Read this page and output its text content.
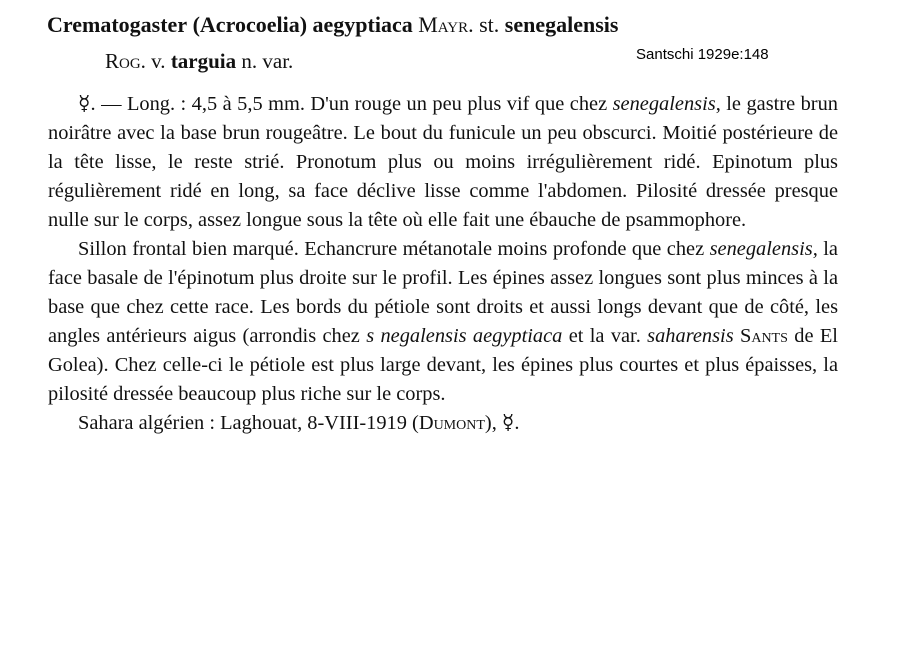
Crematogaster (Acrocoelia) aegyptiaca Mayr. st. senegalensis
Rog. v. targuia n. var.	Santschi 1929e:148

☿. — Long. : 4,5 à 5,5 mm. D'un rouge un peu plus vif que chez senegalensis, le gastre brun noirâtre avec la base brun rougeâtre. Le bout du funicule un peu obscurci. Moitié postérieure de la tête lisse, le reste strié. Pronotum plus ou moins irrégulièrement ridé. Epinotum plus régulièrement ridé en long, sa face déclive lisse comme l'abdomen. Pilosité dressée presque nulle sur le corps, assez longue sous la tête où elle fait une ébauche de psammophore.

Sillon frontal bien marqué. Echancrure métanotale moins profonde que chez senegalensis, la face basale de l'épinotum plus droite sur le profil. Les épines assez longues sont plus minces à la base que chez cette race. Les bords du pétiole sont droits et aussi longs devant que de côté, les angles antérieurs aigus (arrondis chez s negalensis aegyptiaca et la var. saharensis Sants de El Golea). Chez celle-ci le pétiole est plus large devant, les épines plus courtes et plus épaisses, la pilosité dressée beaucoup plus riche sur le corps.

Sahara algérien : Laghouat, 8-VIII-1919 (Dumont), ☿.
